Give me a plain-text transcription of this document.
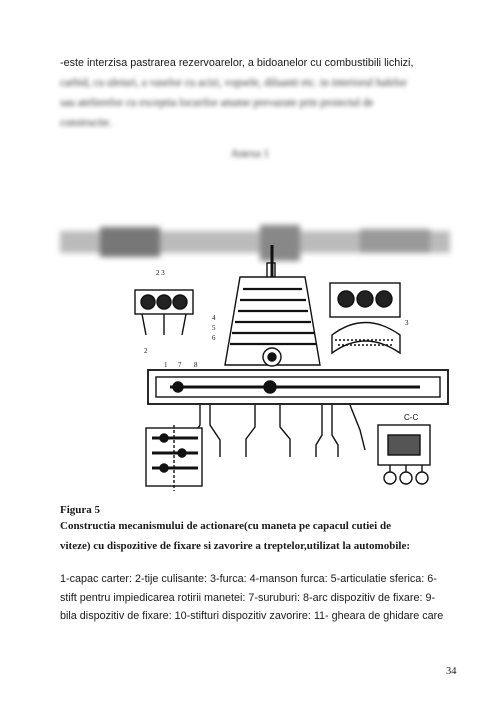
-este interzisa pastrarea rezervoarelor, a bidoanelor cu combustibili lichizi,
carbid, cu uleiuri, a vaselor cu acizi, vopsele, diluanti etc. in interiorul halelor
sau atelierelor cu exceptia locurilor anume prevazute prin proiectul de
constructie.
Anexa 1
2 3
2
4
5
6
3
1 7 8
C-C
Figura 5
Constructia mecanismului de actionare(cu maneta pe capacul cutiei de
viteze) cu dispozitive de fixare si zavorire a treptelor,utilizat la automobile:
1-capac carter: 2-tije culisante: 3-furca: 4-manson furca: 5-articulatie sferica: 6-
stift pentru impiedicarea rotirii manetei: 7-suruburi: 8-arc dispozitiv de fixare: 9-
bila dispozitiv de fixare: 10-stifturi dispozitiv zavorire: 11- gheara de ghidare care
34
